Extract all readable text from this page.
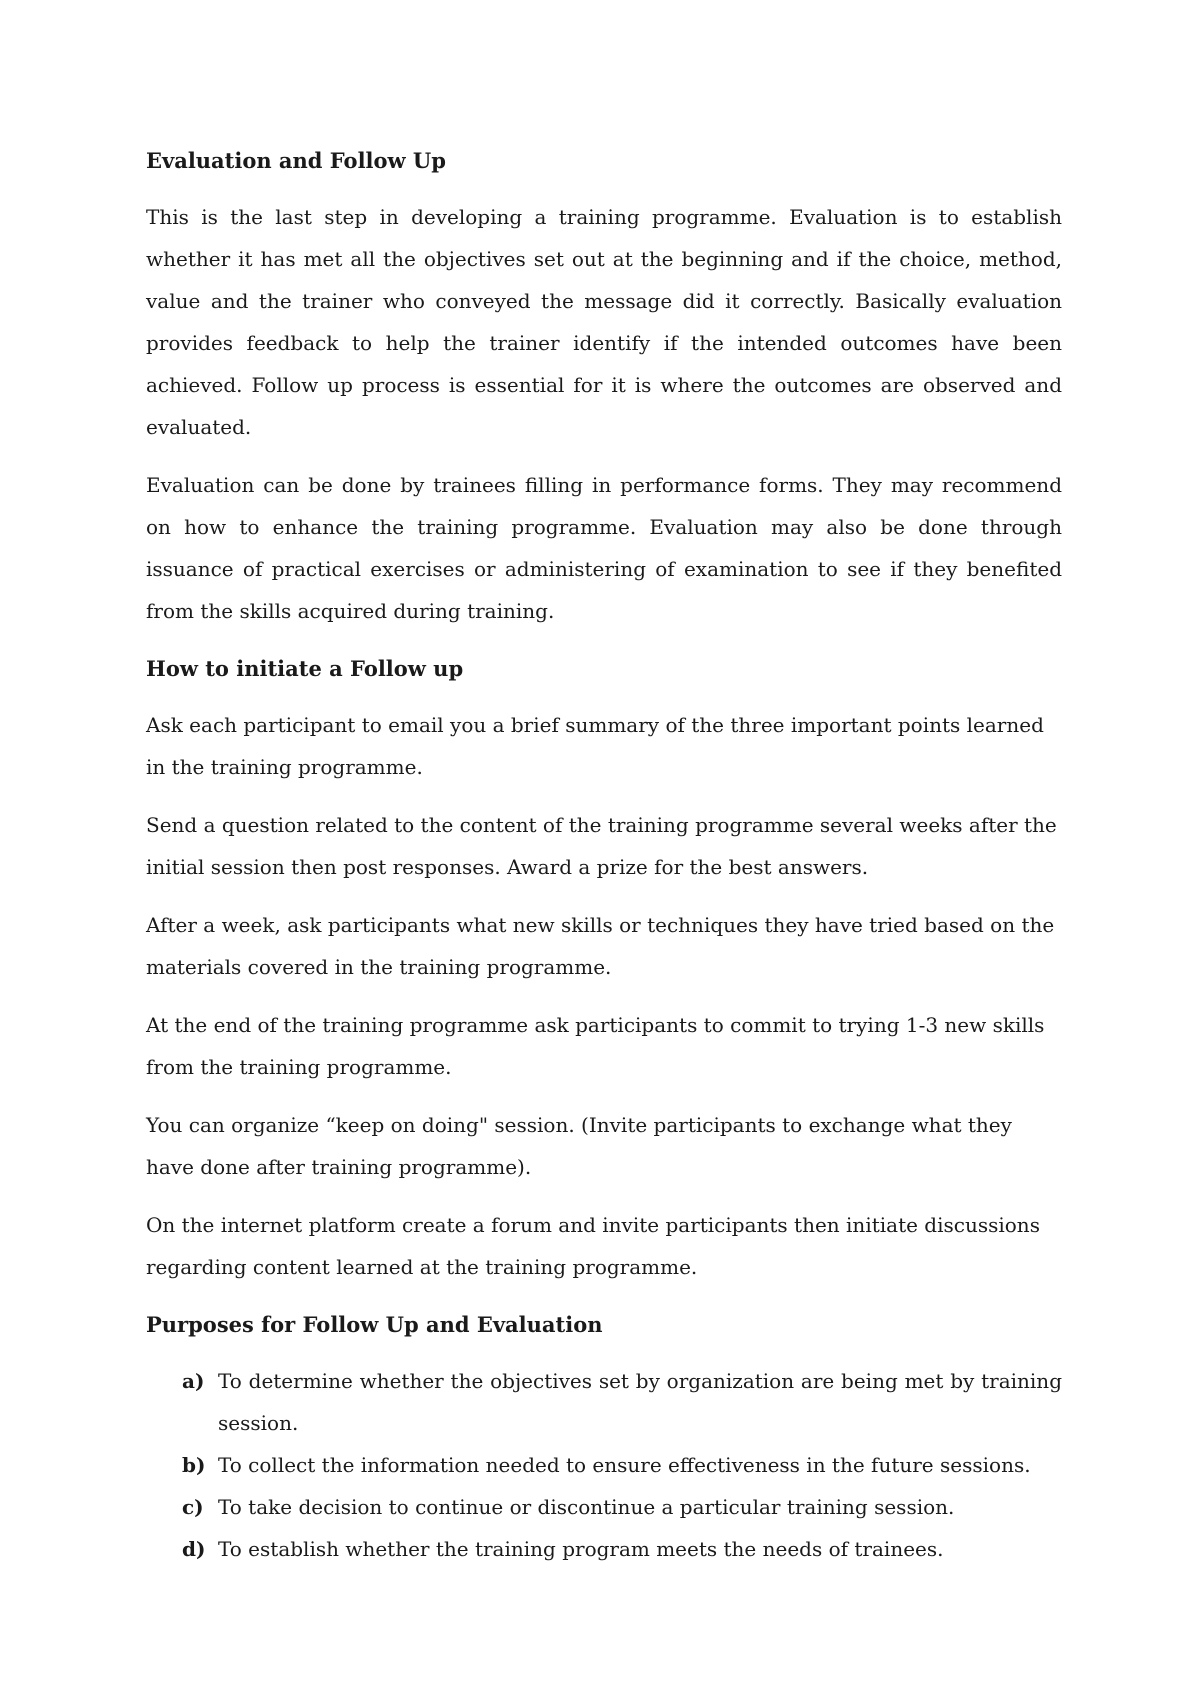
Evaluation and Follow Up

This is the last step in developing a training programme. Evaluation is to establish whether it has met all the objectives set out at the beginning and if the choice, method, value and the trainer who conveyed the message did it correctly. Basically evaluation provides feedback to help the trainer identify if the intended outcomes have been achieved. Follow up process is essential for it is where the outcomes are observed and evaluated.

Evaluation can be done by trainees filling in performance forms. They may recommend on how to enhance the training programme. Evaluation may also be done through issuance of practical exercises or administering of examination to see if they benefited from the skills acquired during training.

How to initiate a Follow up

Ask each participant to email you a brief summary of the three important points learned in the training programme.

Send a question related to the content of the training programme several weeks after the initial session then post responses. Award a prize for the best answers.

After a week, ask participants what new skills or techniques they have tried based on the materials covered in the training programme.

At the end of the training programme ask participants to commit to trying 1-3 new skills from the training programme.

You can organize “keep on doing" session. (Invite participants to exchange what they have done after training programme).

On the internet platform create a forum and invite participants then initiate discussions regarding content learned at the training programme.

Purposes for Follow Up and Evaluation
a) To determine whether the objectives set by organization are being met by training session.
b) To collect the information needed to ensure effectiveness in the future sessions.
c) To take decision to continue or discontinue a particular training session.
d) To establish whether the training program meets the needs of trainees.
